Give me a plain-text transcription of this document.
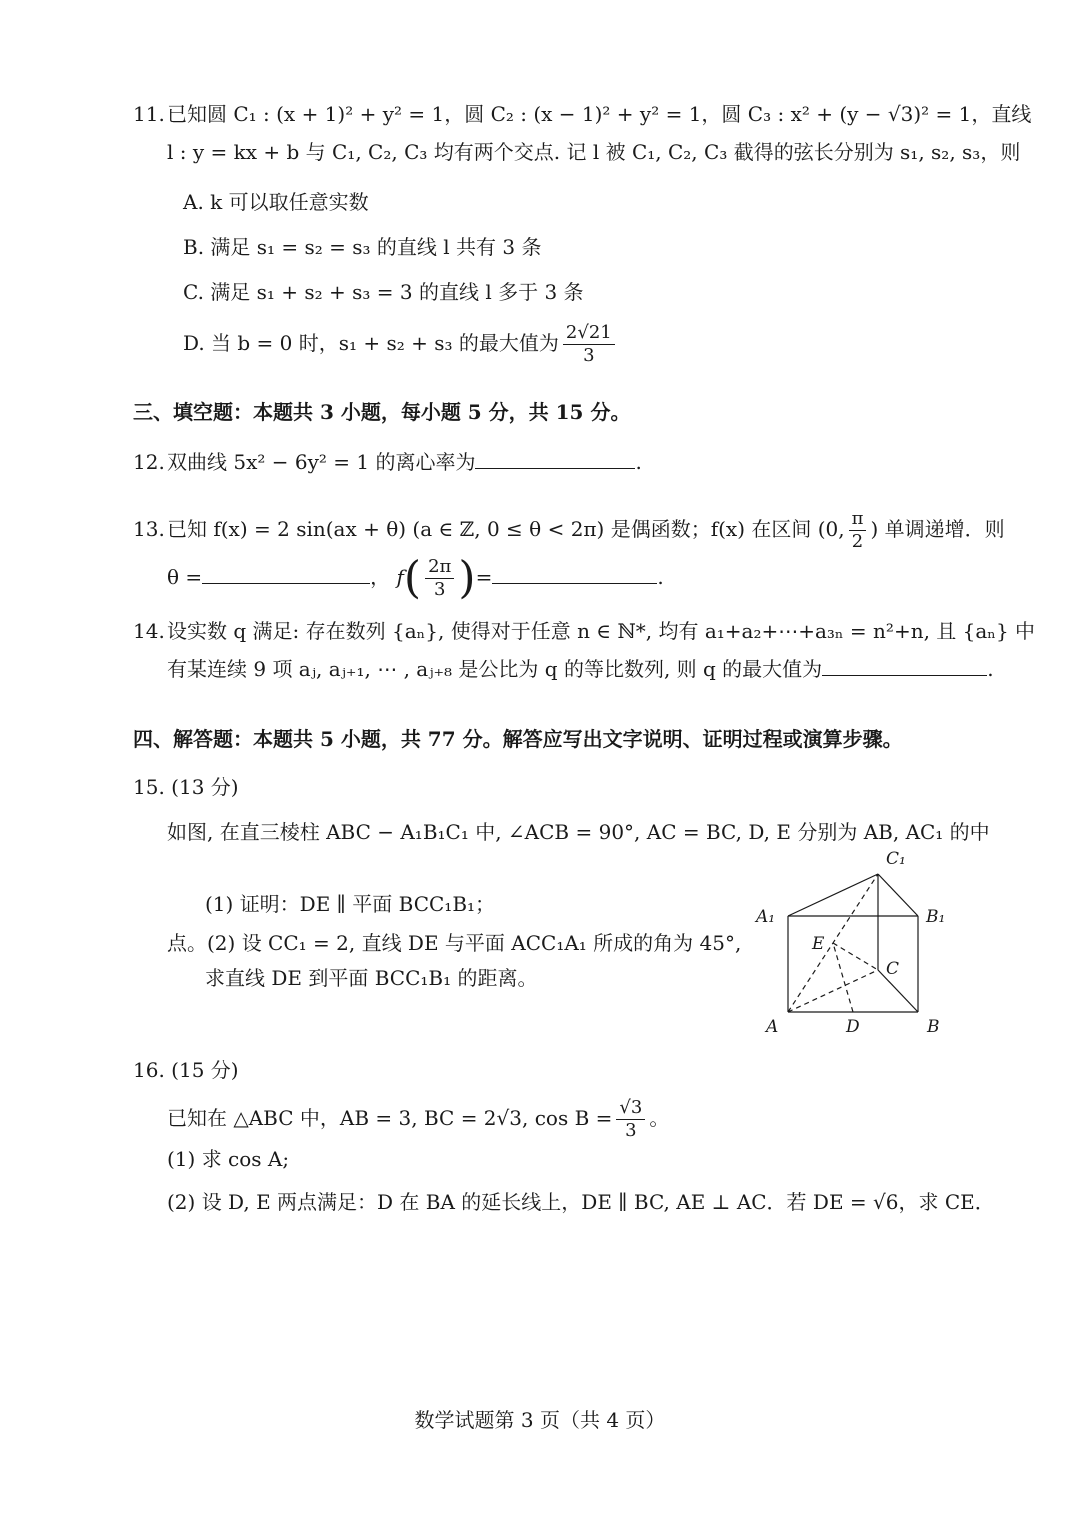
11. 已知圆 C₁ : (x + 1)² + y² = 1，圆 C₂ : (x − 1)² + y² = 1，圆 C₃ : x² + (y − √3)² = 1，直线
l : y = kx + b 与 C₁, C₂, C₃ 均有两个交点. 记 l 被 C₁, C₂, C₃ 截得的弦长分别为 s₁, s₂, s₃，则
A. k 可以取任意实数
B. 满足 s₁ = s₂ = s₃ 的直线 l 共有 3 条
C. 满足 s₁ + s₂ + s₃ = 3 的直线 l 多于 3 条
D. 当 b = 0 时，s₁ + s₂ + s₃ 的最大值为 $\frac{2√21}{3}$
三、填空题：本题共 3 小题，每小题 5 分，共 15 分。
12. 双曲线 5x² − 6y² = 1 的离心率为	.
13. 已知 f(x) = 2 sin(ax + θ) (a ∈ ℤ, 0 ≤ θ < 2π) 是偶函数；f(x) 在区间 (0, $\frac{\pi}{2}$ ) 单调递增．则
θ =	， $f( \frac{2\pi}{3}$ )=	.
14. 设实数 q 满足: 存在数列 {aₙ}, 使得对于任意 n ∈ ℕ*, 均有 a₁+a₂+⋯+a₃ₙ = n²+n, 且 {aₙ} 中
有某连续 9 项 aⱼ, aⱼ₊₁, ⋯ , aⱼ₊₈ 是公比为 q 的等比数列, 则 q 的最大值为	.
四、解答题：本题共 5 小题，共 77 分。解答应写出文字说明、证明过程或演算步骤。
15. (13 分)
如图, 在直三棱柱 ABC − A₁B₁C₁ 中, ∠ACB = 90°, AC = BC, D, E 分别为 AB, AC₁ 的中
(1) 证明：DE ∥ 平面 BCC₁B₁；
点。(2) 设 CC₁ = 2, 直线 DE 与平面 ACC₁A₁ 所成的角为 45°,
求直线 DE 到平面 BCC₁B₁ 的距离。
C₁
A₁	B₁
E
C
A	D	B
16. (15 分)
已知在 △ABC 中，AB = 3, BC = 2√3, $\cos B = \frac{√3}{3}$ 。
(1) 求 cos A;
(2) 设 D, E 两点满足：D 在 BA 的延长线上，DE ∥ BC, AE ⊥ AC．若 DE = √6，求 CE．
数学试题第 3 页（共 4 页）
